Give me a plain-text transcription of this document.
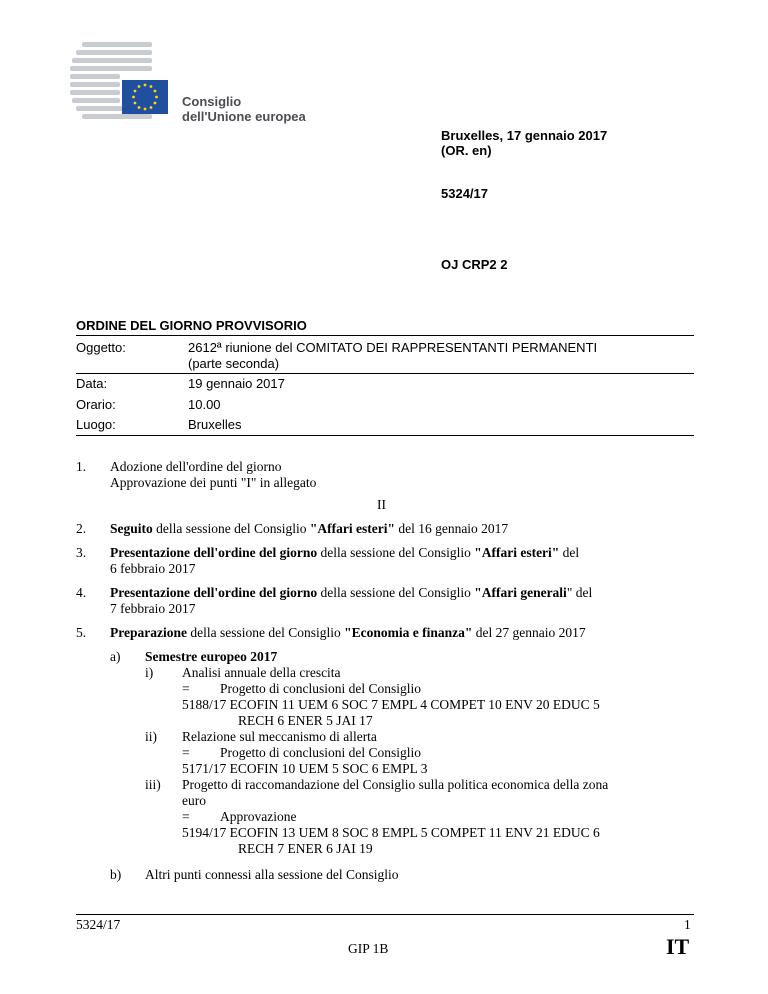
Consiglio
dell'Unione europea
Bruxelles, 17 gennaio 2017
(OR. en)
5324/17
OJ CRP2 2
ORDINE DEL GIORNO PROVVISORIO
Oggetto:	2612ª riunione del COMITATO DEI RAPPRESENTANTI PERMANENTI
(parte seconda)
Data:	19 gennaio 2017
Orario:	10.00
Luogo:	Bruxelles
1. Adozione dell'ordine del giorno
Approvazione dei punti "I" in allegato
II
2. Seguito della sessione del Consiglio "Affari esteri" del 16 gennaio 2017
3. Presentazione dell'ordine del giorno della sessione del Consiglio "Affari esteri" del
6 febbraio 2017
4. Presentazione dell'ordine del giorno della sessione del Consiglio "Affari generali" del
7 febbraio 2017
5. Preparazione della sessione del Consiglio "Economia e finanza" del 27 gennaio 2017
a) Semestre europeo 2017
i) Analisi annuale della crescita
= Progetto di conclusioni del Consiglio
5188/17 ECOFIN 11 UEM 6 SOC 7 EMPL 4 COMPET 10 ENV 20 EDUC 5
RECH 6 ENER 5 JAI 17
ii) Relazione sul meccanismo di allerta
= Progetto di conclusioni del Consiglio
5171/17 ECOFIN 10 UEM 5 SOC 6 EMPL 3
iii) Progetto di raccomandazione del Consiglio sulla politica economica della zona
euro
= Approvazione
5194/17 ECOFIN 13 UEM 8 SOC 8 EMPL 5 COMPET 11 ENV 21 EDUC 6
RECH 7 ENER 6 JAI 19
b) Altri punti connessi alla sessione del Consiglio
5324/17	1
GIP 1B	IT
